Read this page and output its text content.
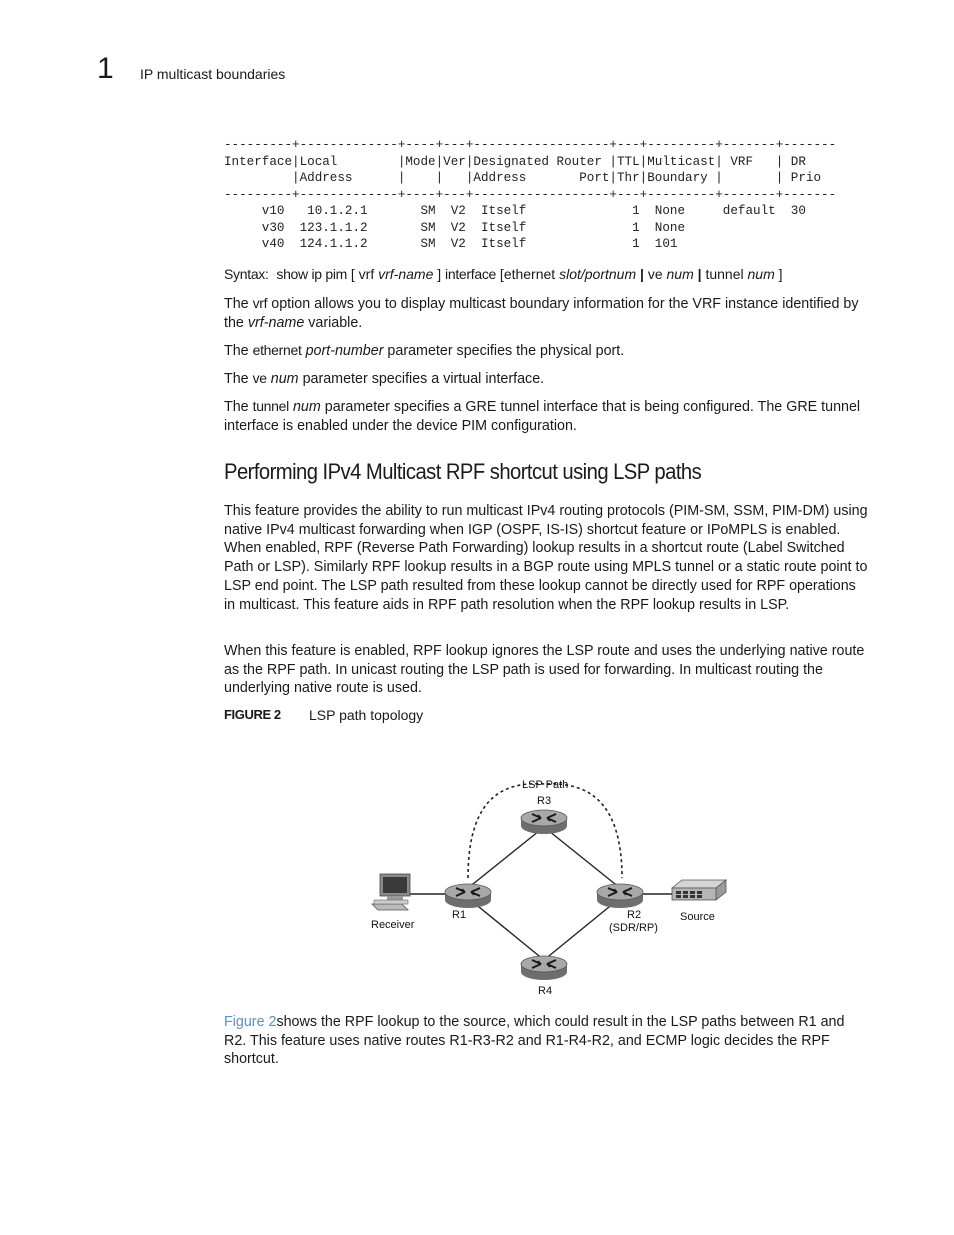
1 IP multicast boundaries
---------+-------------+----+---+------------------+---+---------+-------+-------
Interface|Local        |Mode|Ver|Designated Router |TTL|Multicast| VRF   | DR
|Address      |    |   |Address       Port|Thr|Boundary |       | Prio
---------+-------------+----+---+------------------+---+---------+-------+-------
v10   10.1.2.1       SM  V2  Itself              1  None     default  30
v30  123.1.1.2       SM  V2  Itself              1  None
v40  124.1.1.2       SM  V2  Itself              1  101
Syntax: show ip pim [ vrf vrf-name ] interface [ethernet slot/portnum | ve num | tunnel num ]

The vrf option allows you to display multicast boundary information for the VRF instance identified by the vrf-name variable.

The ethernet port-number parameter specifies the physical port.

The ve num parameter specifies a virtual interface.

The tunnel num parameter specifies a GRE tunnel interface that is being configured. The GRE tunnel interface is enabled under the device PIM configuration.

Performing IPv4 Multicast RPF shortcut using LSP paths

This feature provides the ability to run multicast IPv4 routing protocols (PIM-SM, SSM, PIM-DM) using native IPv4 multicast forwarding when IGP (OSPF, IS-IS) shortcut feature or IPoMPLS is enabled. When enabled, RPF (Reverse Path Forwarding) lookup results in a shortcut route (Label Switched Path or LSP). Similarly RPF lookup results in a BGP route using MPLS tunnel or a static route point to LSP end point. The LSP path resulted from these lookup cannot be directly used for RPF operations in multicast. This feature aids in RPF path resolution when the RPF lookup results in LSP.

When this feature is enabled, RPF lookup ignores the LSP route and uses the underlying native route as the RPF path. In unicast routing the LSP path is used for forwarding. In multicast routing the underlying native route is used.

FIGURE 2 LSP path topology
LSP Path
R3
R1	R2
(SDR/RP)
R4
Receiver
Source

Figure 2shows the RPF lookup to the source, which could result in the LSP paths between R1 and R2. This feature uses native routes R1-R3-R2 and R1-R4-R2, and ECMP logic decides the RPF shortcut.
